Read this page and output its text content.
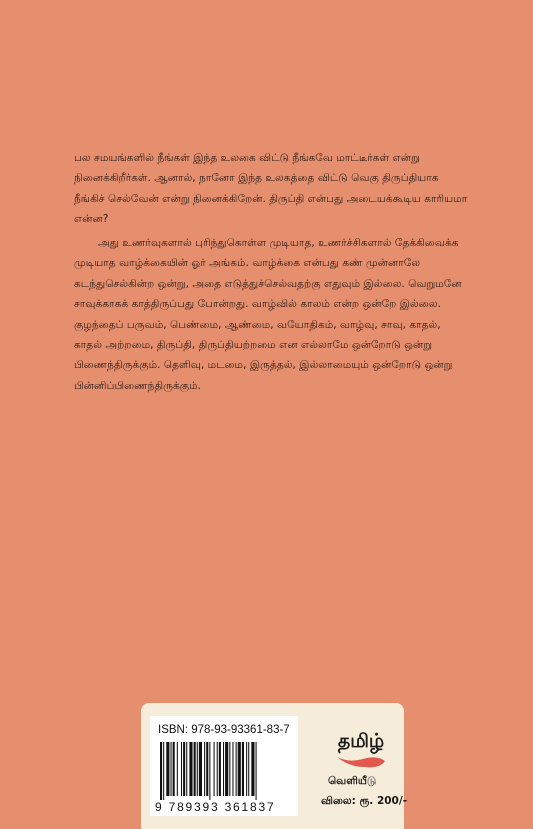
பல சமயங்களில் நீங்கள் இந்த உலகை விட்டு நீங்கவே மாட்டீர்கள் என்று நினைக்கிறீர்கள். ஆனால், நானோ இந்த உலகத்தை விட்டு வெகு திருப்தியாக நீங்கிச் செல்வேன் என்று நினைக்கிறேன். திருப்தி என்பது அடையக்கூடிய காரியமா என்ன?

அது உணர்வுகளால் புரிந்துகொள்ள முடியாத, உணர்ச்சிகளால் தேக்கிவைக்க முடியாத வாழ்க்கையின் ஓர் அங்கம். வாழ்க்கை என்பது கண் முன்னாலே கடந்துசெல்கின்ற ஒன்று, அதை எடுத்துச்செல்வதற்கு எதுவும் இல்லை. வெறுமனே சாவுக்காகக் காத்திருப்பது போன்றது. வாழ்வில் காலம் என்ற ஒன்றே இல்லை. குழந்தைப் பருவம், பெண்மை, ஆண்மை, வயோதிகம், வாழ்வு, சாவு, காதல், காதல் அற்றமை, திருப்தி, திருப்தியற்றமை என எல்லாமே ஒன்றோடு ஒன்று பிணைந்திருக்கும். தெளிவு, மடமை, இருத்தல், இல்லாமையும் ஒன்றோடு ஒன்று பின்னிப்பிணைந்திருக்கும்.

ISBN: 978-93-93361-83-7
9 789393 361837
தமிழ்
வெளியீடு
விலை: ரூ. 200/-
